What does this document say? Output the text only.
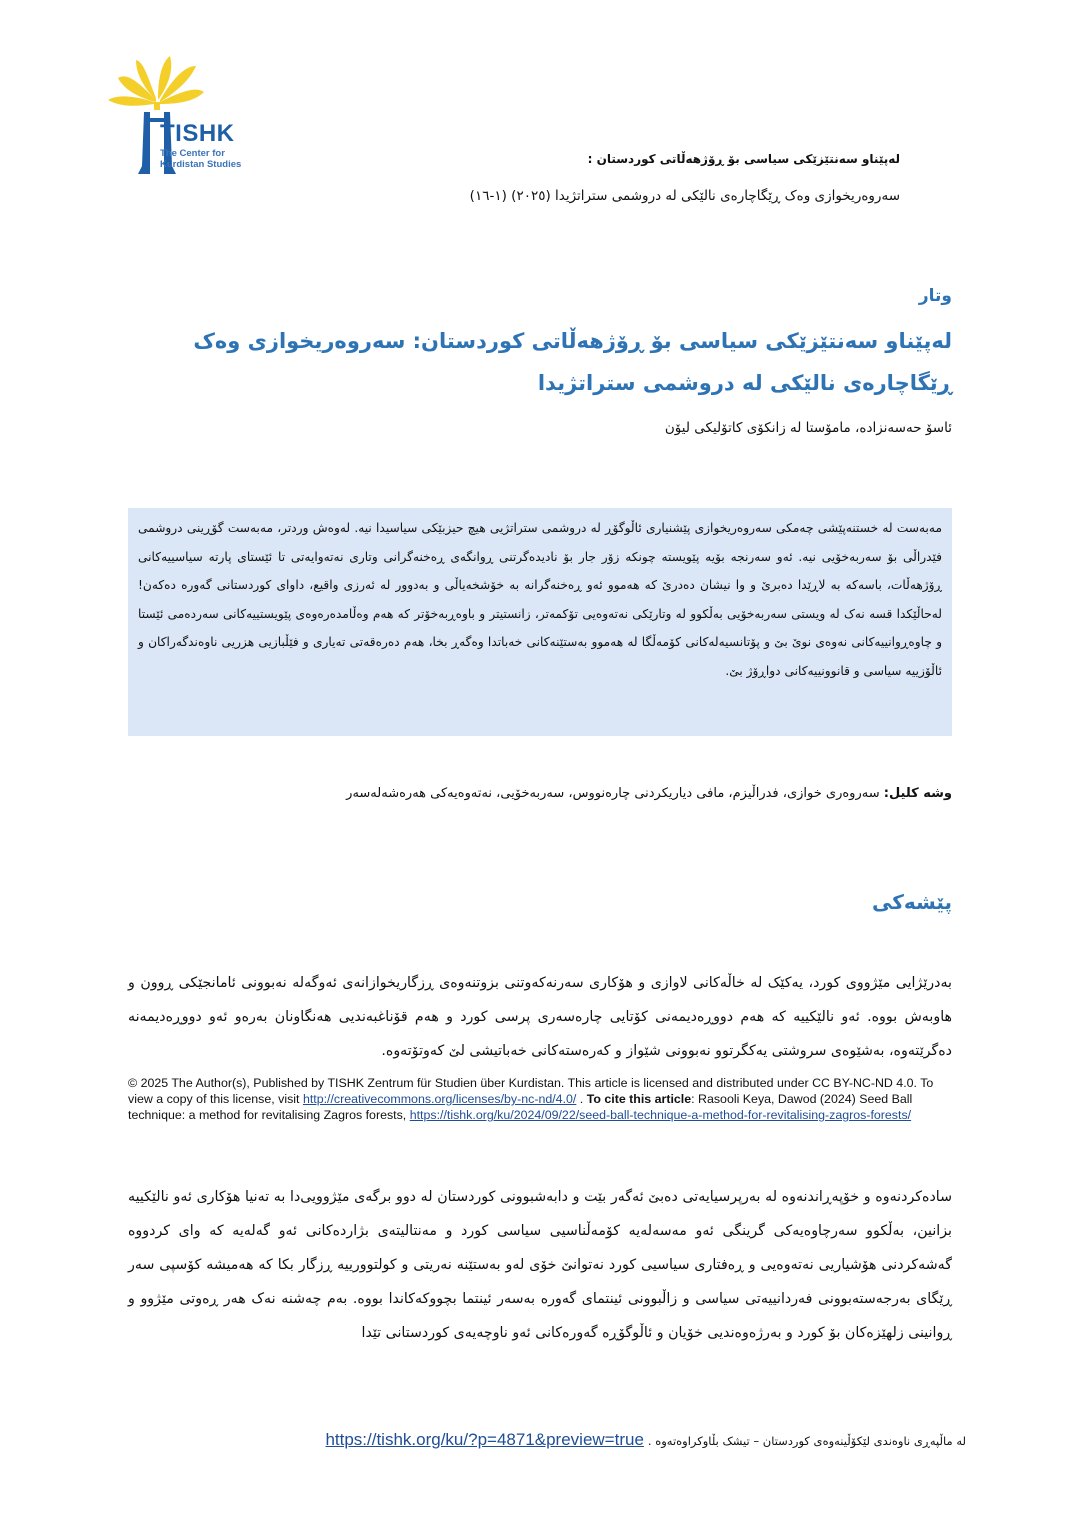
TISHK
The Center for Kurdistan Studies	لەپێناو سەنتێزێکی سیاسی بۆ ڕۆژهەڵاتی کوردستان :
سەروەریخوازی وەک ڕێگاچارەی نالێکی لە دروشمی ستراتژیدا (٢٠٢٥) (١-١٦)
وتار
لەپێناو سەنتێزێکی سیاسی بۆ ڕۆژهەڵاتی کوردستان: سەروەریخوازی وەک ڕێگاچارەی نالێکی لە دروشمی ستراتژیدا
ئاسۆ حەسەنزادە، مامۆستا لە زانکۆی کاتۆلیکی لیۆن
مەبەست لە خستنەپێشی چەمکی سەروەریخوازی پێشنیاری ئاڵوگۆڕ لە دروشمی ستراتژیی هیچ حیزبێکی سیاسیدا نیە. لەوەش وردتر، مەبەست گۆڕینی دروشمی فێدراڵی بۆ سەربەخۆیی نیە. ئەو سەرنجە بۆیە پێویستە چونکە زۆر جار بۆ نادیدەگرتنی ڕوانگەی ڕەخنەگرانی وتاری نەتەوایەتی تا ئێستای پارتە سیاسییەکانی ڕۆژهەڵات، باسەکە بە لاڕێدا دەبرێ و وا نیشان دەدرێ کە هەموو ئەو ڕەخنەگرانە بە خۆشخەیاڵی و بەدوور لە ئەرزی واقیع، داوای کوردستانی گەورە دەکەن! لەحاڵێکدا قسە نەک لە ویستی سەربەخۆیی بەڵکوو لە وتارێکی نەتەوەیی تۆکمەتر، زانستیتر و باوەڕبەخۆتر کە هەم وەڵامدەرەوەی پێویستییەکانی سەردەمی ئێستا و چاوەڕوانییەکانی نەوەی نوێ بێ و پۆتانسیەلەکانی کۆمەڵگا لە هەموو بەستێنەکانی خەباتدا وەگەڕ بخا، هەم دەرەقەتی تەیاری و فێڵبازیی هزریی ناوەندگەراکان و ئاڵۆزییە سیاسی و قانوونییەکانی دواڕۆژ بێ.
وشە کلیل: سەروەری خوازی، فدراڵیزم، مافی دیاریکردنی چارەنووس، سەربەخۆیی، نەتەوەیەکی هەرەشەلەسەر
پێشەکی
بەدرێژایی مێژووی کورد، یەکێک لە خاڵەکانی لاوازی و هۆکاری سەرنەکەوتنی بزوتنەوەی ڕزگاریخوازانەی ئەوگەلە نەبوونی ئامانجێکی ڕوون و هاوبەش بووە. ئەو نالێکییە کە هەم دووڕەدیمەنی کۆتایی چارەسەری پرسی کورد و هەم قۆناغبەندیی هەنگاونان بەرەو ئەو دووڕەدیمەنە دەگرێتەوە، بەشێوەی سروشتی یەکگرتوو نەبوونی شێواز و کەرەستەکانی خەباتیشی لێ کەوتۆتەوە.
© 2025 The Author(s), Published by TISHK Zentrum für Studien über Kurdistan. This article is licensed and distributed under CC BY-NC-ND 4.0. To view a copy of this license, visit http://creativecommons.org/licenses/by-nc-nd/4.0/ . To cite this article: Rasooli Keya, Dawod (2024) Seed Ball technique: a method for revitalising Zagros forests, https://tishk.org/ku/2024/09/22/seed-ball-technique-a-method-for-revitalising-zagros-forests/
سادەکردنەوە و خۆپەڕاندنەوە لە بەرپرسیایەتی دەبێ ئەگەر بێت و دابەشبوونی کوردستان لە دوو برگەی مێژوویی‌دا بە تەنیا هۆکاری ئەو نالێکییە بزانین، بەڵکوو سەرچاوەیەکی گرینگی ئەو مەسەلەیە کۆمەڵناسیی سیاسی کورد و مەنتالیتەی بژاردەکانی ئەو گەلەیە کە وای کردووە گەشەکردنی هۆشیاریی نەتەوەیی و ڕەفتاری سیاسیی کورد نەتوانێ خۆی لەو بەستێنە نەریتی و کولتوورییە ڕزگار بکا کە هەمیشە کۆسپی سەر ڕێگای بەرجەستەبوونی فەردانییەتی سیاسی و زاڵبوونی ئینتمای گەورە بەسەر ئینتما بچووکەکاندا بووە. بەم چەشنە نەک هەر ڕەوتی مێژوو و ڕوانینی زلهێزەکان بۆ کورد و بەرژەوەندیی خۆیان و ئاڵوگۆڕە گەورەکانی ئەو ناوچەیەی کوردستانی تێدا
لە ماڵپەڕی ناوەندی لێکۆڵینەوەی کوردستان – تیشک بڵاوکراوەتەوە .
https://tishk.org/ku/?p=4871&preview=true
